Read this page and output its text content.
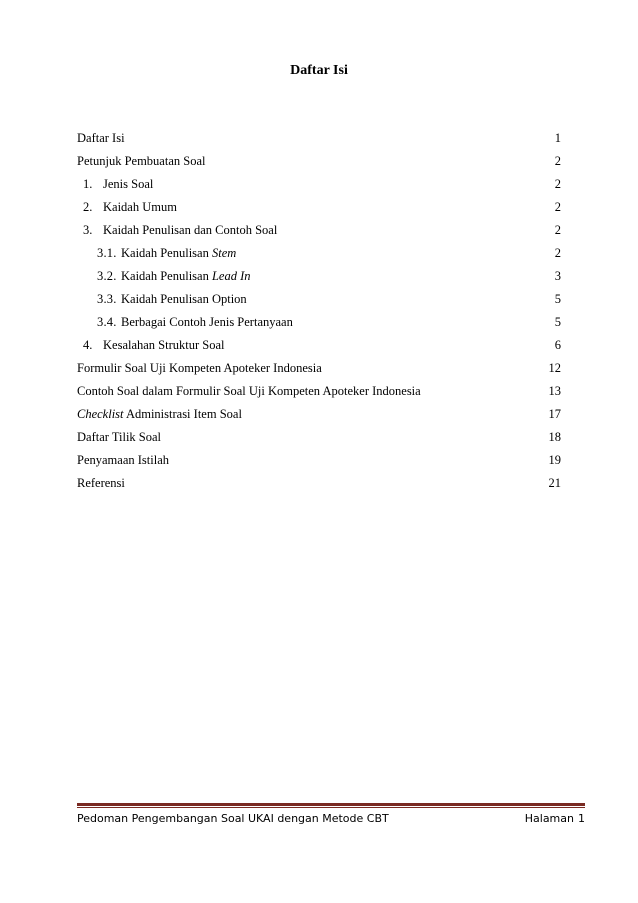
Daftar Isi
Daftar Isi	1
Petunjuk Pembuatan Soal	2
1. Jenis Soal	2
2. Kaidah Umum	2
3. Kaidah Penulisan dan Contoh Soal	2
3.1. Kaidah Penulisan Stem	2
3.2. Kaidah Penulisan Lead In	3
3.3. Kaidah Penulisan Option	5
3.4. Berbagai Contoh Jenis Pertanyaan	5
4. Kesalahan Struktur Soal	6
Formulir Soal Uji Kompeten Apoteker Indonesia	12
Contoh Soal dalam Formulir Soal Uji Kompeten Apoteker Indonesia	13
Checklist Administrasi Item Soal	17
Daftar Tilik Soal	18
Penyamaan Istilah	19
Referensi	21
Pedoman Pengembangan Soal UKAI dengan Metode CBT	Halaman 1
